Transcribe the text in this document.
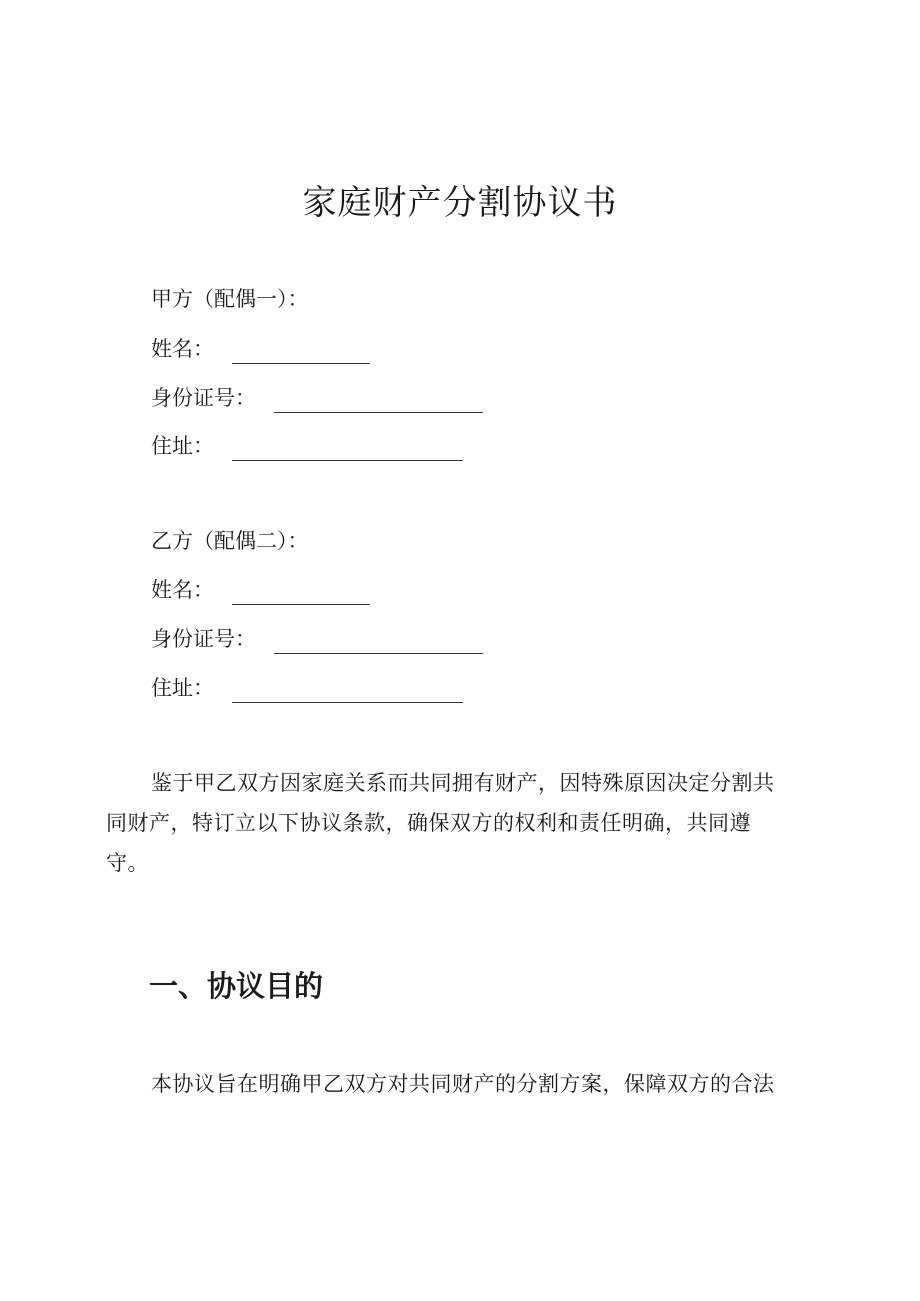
家庭财产分割协议书
甲方（配偶一）：
姓名：
身份证号：
住址：
乙方（配偶二）：
姓名：
身份证号：
住址：
鉴于甲乙双方因家庭关系而共同拥有财产，因特殊原因决定分割共
同财产，特订立以下协议条款，确保双方的权利和责任明确，共同遵
守。
一、协议目的
本协议旨在明确甲乙双方对共同财产的分割方案，保障双方的合法
